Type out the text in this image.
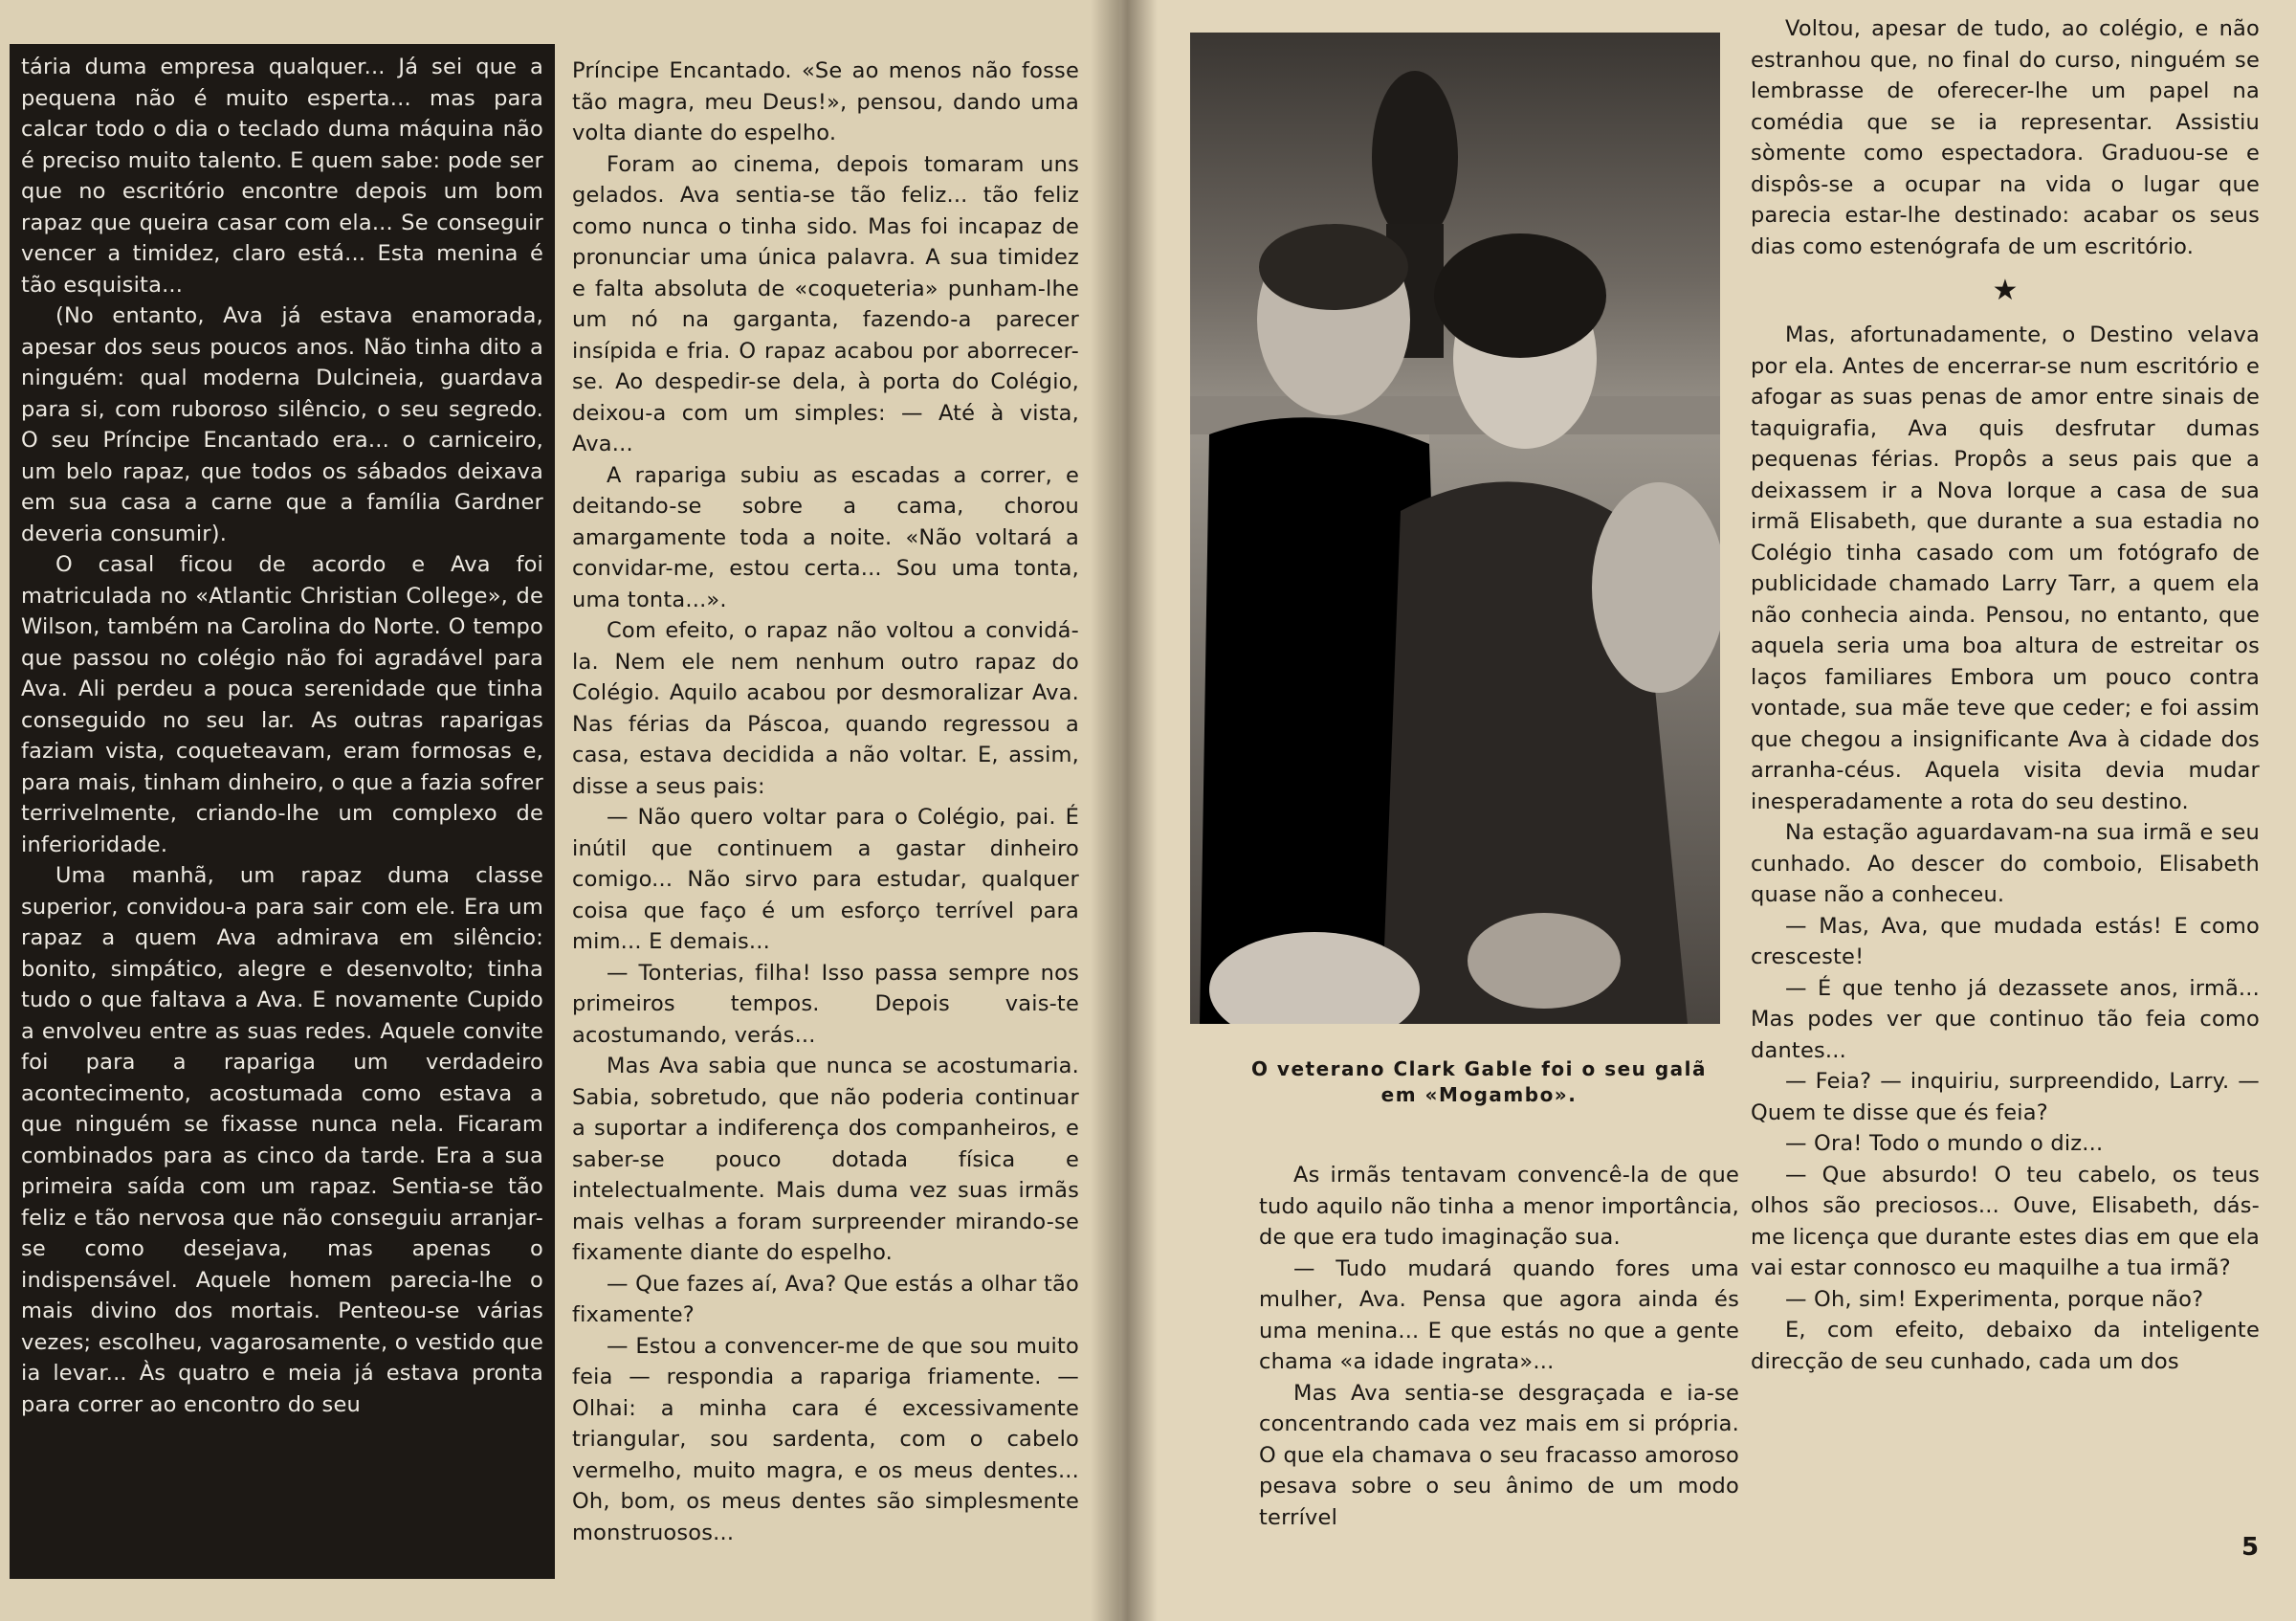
tária duma empresa qualquer... Já sei que a pequena não é muito esperta... mas para calcar todo o dia o teclado duma máquina não é preciso muito talento. E quem sabe: pode ser que no escritório encontre depois um bom rapaz que queira casar com ela... Se conseguir vencer a timidez, claro está... Esta menina é tão esquisita...

(No entanto, Ava já estava enamorada, apesar dos seus poucos anos. Não tinha dito a ninguém: qual moderna Dulcineia, guardava para si, com ruboroso silêncio, o seu segredo. O seu Príncipe Encantado era... o carniceiro, um belo rapaz, que todos os sábados deixava em sua casa a carne que a família Gardner deveria consumir).

O casal ficou de acordo e Ava foi matriculada no «Atlantic Christian College», de Wilson, também na Carolina do Norte. O tempo que passou no colégio não foi agradável para Ava. Ali perdeu a pouca serenidade que tinha conseguido no seu lar. As outras raparigas faziam vista, coqueteavam, eram formosas e, para mais, tinham dinheiro, o que a fazia sofrer terrivelmente, criando-lhe um complexo de inferioridade.

Uma manhã, um rapaz duma classe superior, convidou-a para sair com ele. Era um rapaz a quem Ava admirava em silêncio: bonito, simpático, alegre e desenvolto; tinha tudo o que faltava a Ava. E novamente Cupido a envolveu entre as suas redes. Aquele convite foi para a rapariga um verdadeiro acontecimento, acostumada como estava a que ninguém se fixasse nunca nela. Ficaram combinados para as cinco da tarde. Era a sua primeira saída com um rapaz. Sentia-se tão feliz e tão nervosa que não conseguiu arranjar-se como desejava, mas apenas o indispensável. Aquele homem parecia-lhe o mais divino dos mortais. Penteou-se várias vezes; escolheu, vagarosamente, o vestido que ia levar... Às quatro e meia já estava pronta para correr ao encontro do seu

Príncipe Encantado. «Se ao menos não fosse tão magra, meu Deus!», pensou, dando uma volta diante do espelho.

Foram ao cinema, depois tomaram uns gelados. Ava sentia-se tão feliz... tão feliz como nunca o tinha sido. Mas foi incapaz de pronunciar uma única palavra. A sua timidez e falta absoluta de «coqueteria» punham-lhe um nó na garganta, fazendo-a parecer insípida e fria. O rapaz acabou por aborrecer-se. Ao despedir-se dela, à porta do Colégio, deixou-a com um simples: — Até à vista, Ava...

A rapariga subiu as escadas a correr, e deitando-se sobre a cama, chorou amargamente toda a noite. «Não voltará a convidar-me, estou certa... Sou uma tonta, uma tonta...».

Com efeito, o rapaz não voltou a convidá-la. Nem ele nem nenhum outro rapaz do Colégio. Aquilo acabou por desmoralizar Ava. Nas férias da Páscoa, quando regressou a casa, estava decidida a não voltar. E, assim, disse a seus pais:

— Não quero voltar para o Colégio, pai. É inútil que continuem a gastar dinheiro comigo... Não sirvo para estudar, qualquer coisa que faço é um esforço terrível para mim... E demais...

— Tonterias, filha! Isso passa sempre nos primeiros tempos. Depois vais-te acostumando, verás...

Mas Ava sabia que nunca se acostumaria. Sabia, sobretudo, que não poderia continuar a suportar a indiferença dos companheiros, e saber-se pouco dotada física e intelectualmente. Mais duma vez suas irmãs mais velhas a foram surpreender mirando-se fixamente diante do espelho.

— Que fazes aí, Ava? Que estás a olhar tão fixamente?

— Estou a convencer-me de que sou muito feia — respondia a rapariga friamente. — Olhai: a minha cara é excessivamente triangular, sou sardenta, com o cabelo vermelho, muito magra, e os meus dentes... Oh, bom, os meus dentes são simplesmente monstruosos...

O veterano Clark Gable foi o seu galã
em «Mogambo».

As irmãs tentavam convencê-la de que tudo aquilo não tinha a menor importância, de que era tudo imaginação sua.

— Tudo mudará quando fores uma mulher, Ava. Pensa que agora ainda és uma menina... E que estás no que a gente chama «a idade ingrata»...

Mas Ava sentia-se desgraçada e ia-se concentrando cada vez mais em si própria. O que ela chamava o seu fracasso amoroso pesava sobre o seu ânimo de um modo terrível

Voltou, apesar de tudo, ao colégio, e não estranhou que, no final do curso, ninguém se lembrasse de oferecer-lhe um papel na comédia que se ia representar. Assistiu sòmente como espectadora. Graduou-se e dispôs-se a ocupar na vida o lugar que parecia estar-lhe destinado: acabar os seus dias como estenógrafa de um escritório.

★

Mas, afortunadamente, o Destino velava por ela. Antes de encerrar-se num escritório e afogar as suas penas de amor entre sinais de taquigrafia, Ava quis desfrutar dumas pequenas férias. Propôs a seus pais que a deixassem ir a Nova Iorque a casa de sua irmã Elisabeth, que durante a sua estadia no Colégio tinha casado com um fotógrafo de publicidade chamado Larry Tarr, a quem ela não conhecia ainda. Pensou, no entanto, que aquela seria uma boa altura de estreitar os laços familiares Embora um pouco contra vontade, sua mãe teve que ceder; e foi assim que chegou a insignificante Ava à cidade dos arranha-céus. Aquela visita devia mudar inesperadamente a rota do seu destino.

Na estação aguardavam-na sua irmã e seu cunhado. Ao descer do comboio, Elisabeth quase não a conheceu.

— Mas, Ava, que mudada estás! E como cresceste!

— É que tenho já dezassete anos, irmã... Mas podes ver que continuo tão feia como dantes...

— Feia? — inquiriu, surpreendido, Larry. — Quem te disse que és feia?

— Ora! Todo o mundo o diz...

— Que absurdo! O teu cabelo, os teus olhos são preciosos... Ouve, Elisabeth, dás-me licença que durante estes dias em que ela vai estar connosco eu maquilhe a tua irmã?

— Oh, sim! Experimenta, porque não?

E, com efeito, debaixo da inteligente direcção de seu cunhado, cada um dos

5
